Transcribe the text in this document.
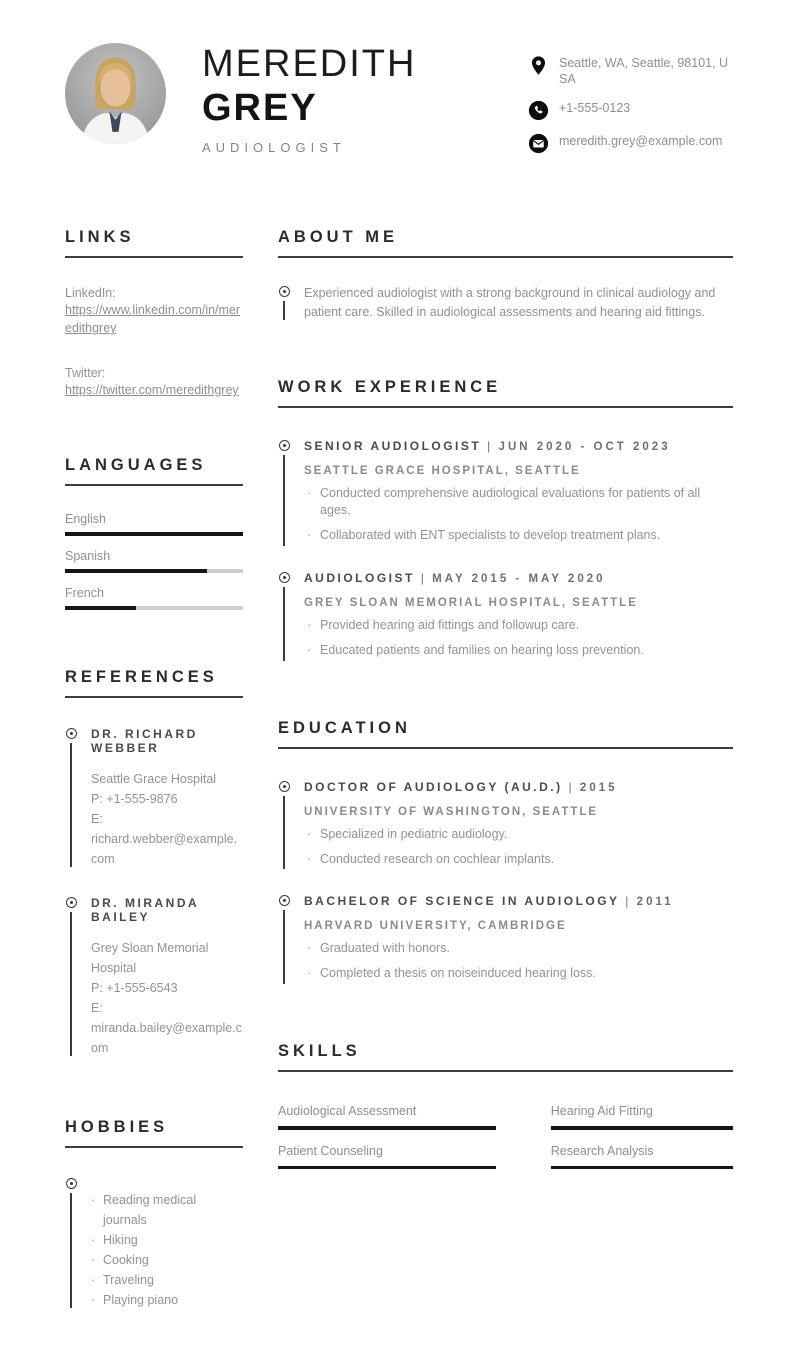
MEREDITH
GREY
AUDIOLOGIST
Seattle, WA, Seattle, 98101, USA
+1-555-0123
meredith.grey@example.com
LINKS
LinkedIn:
https://www.linkedin.com/in/meredithgrey
Twitter:
https://twitter.com/meredithgrey
LANGUAGES
English
Spanish
French
REFERENCES
DR. RICHARD WEBBER
Seattle Grace Hospital
P: +1-555-9876
E: richard.webber@example.com
DR. MIRANDA BAILEY
Grey Sloan Memorial Hospital
P: +1-555-6543
E: miranda.bailey@example.com
HOBBIES
· Reading medical journals
· Hiking
· Cooking
· Traveling
· Playing piano
ABOUT ME
Experienced audiologist with a strong background in clinical audiology and patient care. Skilled in audiological assessments and hearing aid fittings.
WORK EXPERIENCE
SENIOR AUDIOLOGIST | JUN 2020 - OCT 2023
SEATTLE GRACE HOSPITAL, SEATTLE
· Conducted comprehensive audiological evaluations for patients of all ages.
· Collaborated with ENT specialists to develop treatment plans.
AUDIOLOGIST | MAY 2015 - MAY 2020
GREY SLOAN MEMORIAL HOSPITAL, SEATTLE
· Provided hearing aid fittings and followup care.
· Educated patients and families on hearing loss prevention.
EDUCATION
DOCTOR OF AUDIOLOGY (AU.D.) | 2015
UNIVERSITY OF WASHINGTON, SEATTLE
· Specialized in pediatric audiology.
· Conducted research on cochlear implants.
BACHELOR OF SCIENCE IN AUDIOLOGY | 2011
HARVARD UNIVERSITY, CAMBRIDGE
· Graduated with honors.
· Completed a thesis on noiseinduced hearing loss.
SKILLS
Audiological Assessment
Patient Counseling
Hearing Aid Fitting
Research Analysis
